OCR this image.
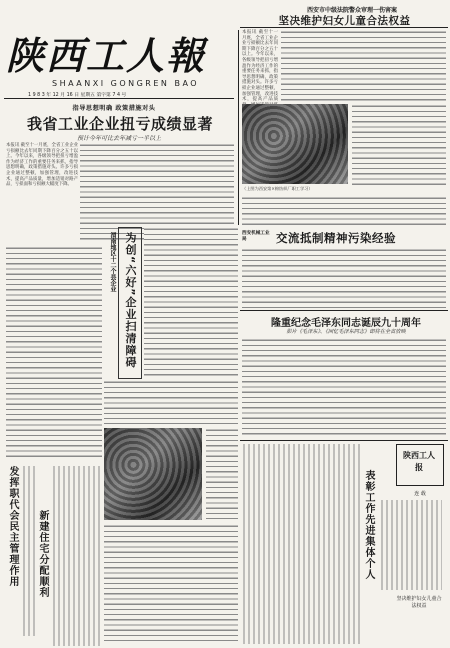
陕西工人報
SHAANXI GONGREN BAO
1 9 8 3 年 12 月 16 日 星期五 第字第 7 4 号
西安市中级法院警众审理一伤害案
坚决维护妇女儿童合法权益
本报讯 截至十一月底，全省工业企业亏损额比去年同期下降百分之五十以上。今年以来，各级领导把扭亏增盈作为经济工作的重要任务来抓，指导思想明确，政策措施对头。许多亏损企业通过整顿，加强管理，改进技术，提高产品质
指导思想明确 政策措施对头
我省工业企业扭亏成绩显著
预计今年可比去年减亏一半以上
本报讯 截至十一月底，全省工业企业亏损额比去年同期下降百分之五十以上。今年以来，各级领导把扭亏增盈作为经济工作的重要任务来抓，指导思想明确，政策措施对头。许多亏损企业通过整顿，加强管理，改进技术，提高产品质量，增加适销对路产品，亏损面和亏损额大幅度下降。
（上图为西安第×棉纺织厂职工学习）
为创“六好”企业扫清障碍
渭南地区十二个县企业	西安机械工业局	交流抵制精神污染经验
隆重纪念毛泽东同志诞辰九十周年
影片《毛泽东》、《回忆毛泽东同志》即将在全省放映
发挥职代会民主管理作用 新建住宅分配顺利	表彰工作先进集体个人
陕西工人报
连 载
坚决维护妇女儿童合法权益
